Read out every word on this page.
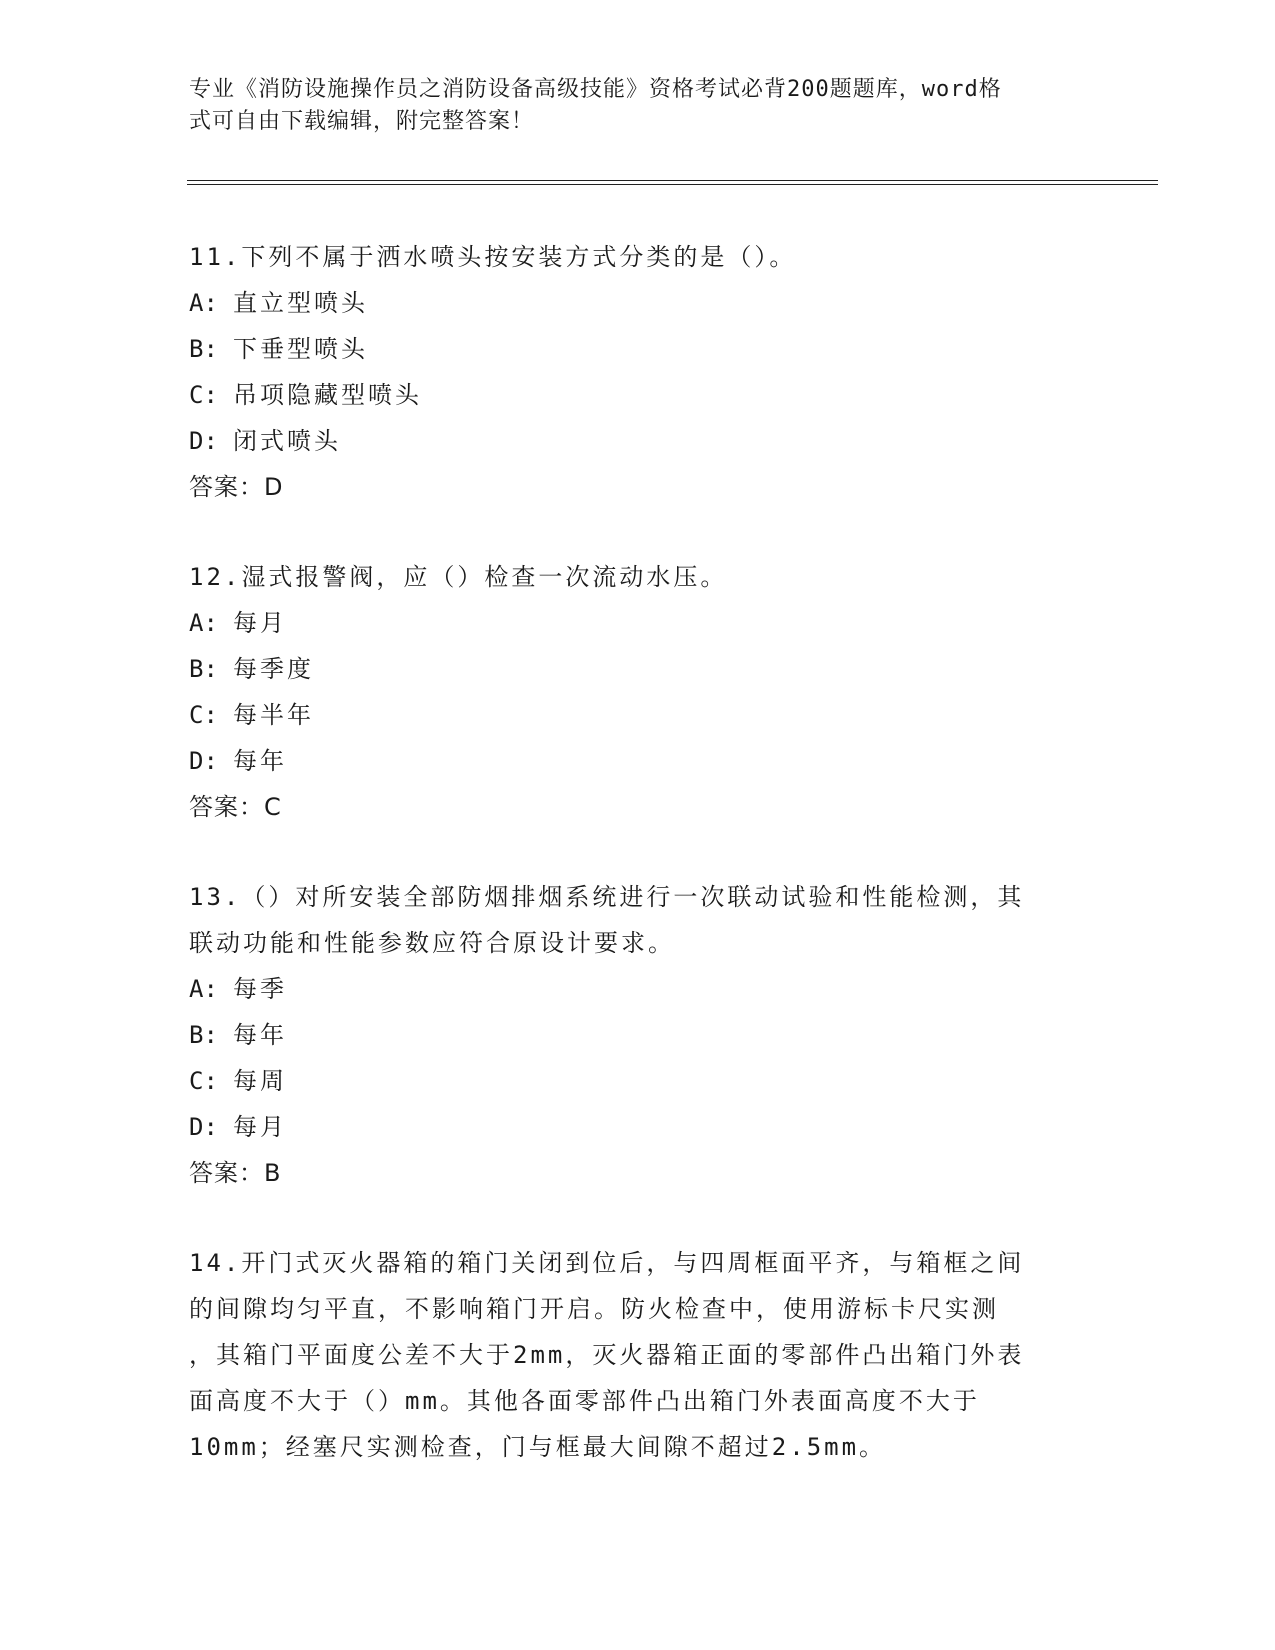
专业《消防设施操作员之消防设备高级技能》资格考试必背200题题库，word格
式可自由下载编辑，附完整答案！

11.下列不属于洒水喷头按安装方式分类的是（）。

A: 直立型喷头

B: 下垂型喷头

C: 吊项隐藏型喷头

D: 闭式喷头

答案：D

12.湿式报警阀，应（）检查一次流动水压。

A: 每月

B: 每季度

C: 每半年

D: 每年

答案：C

13.（）对所安装全部防烟排烟系统进行一次联动试验和性能检测，其

联动功能和性能参数应符合原设计要求。

A: 每季

B: 每年

C: 每周

D: 每月

答案：B

14.开门式灭火器箱的箱门关闭到位后，与四周框面平齐，与箱框之间

的间隙均匀平直，不影响箱门开启。防火检查中，使用游标卡尺实测

，其箱门平面度公差不大于2mm，灭火器箱正面的零部件凸出箱门外表

面高度不大于（）mm。其他各面零部件凸出箱门外表面高度不大于

10mm；经塞尺实测检查，门与框最大间隙不超过2.5mm。
